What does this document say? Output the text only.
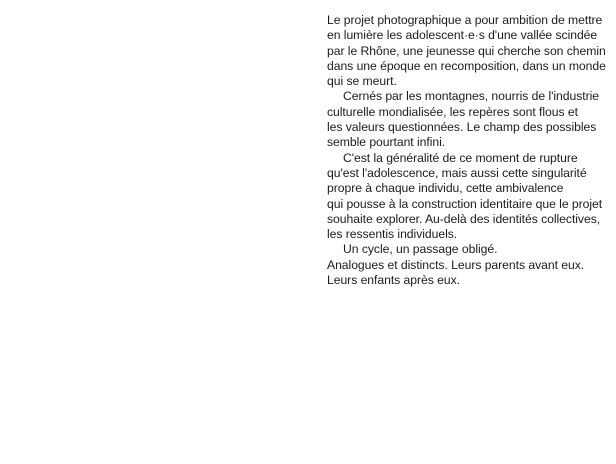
Le projet photographique a pour ambition de mettre
en lumière les adolescent·e·s d'une vallée scindée
par le Rhône, une jeunesse qui cherche son chemin
dans une époque en recomposition, dans un monde
qui se meurt.
Cernés par les montagnes, nourris de l'industrie
culturelle mondialisée, les repères sont flous et
les valeurs questionnées. Le champ des possibles
semble pourtant infini.
C'est la généralité de ce moment de rupture
qu'est l'adolescence, mais aussi cette singularité
propre à chaque individu, cette ambivalence
qui pousse à la construction identitaire que le projet
souhaite explorer. Au-delà des identités collectives,
les ressentis individuels.
Un cycle, un passage obligé.
Analogues et distincts. Leurs parents avant eux.
Leurs enfants après eux.
